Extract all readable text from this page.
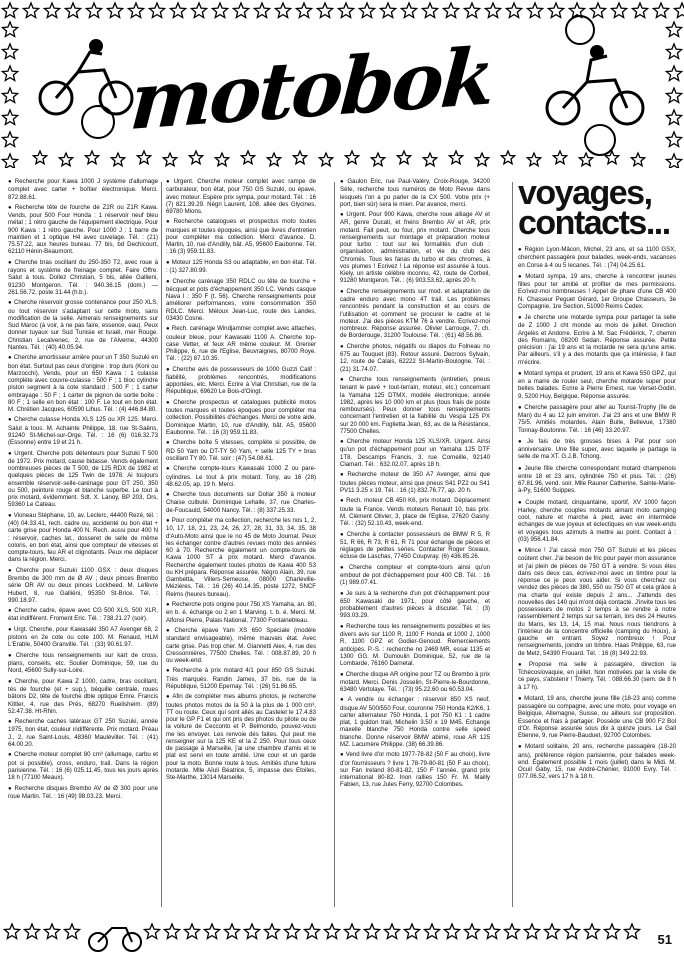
motobok

● Recherche pour Kawa 1000 J système d'allumage complet avec carter + boîtier électronique. Merci. 872.88.61.

● Recherche tête de fourche de Z2R ou Z1R Kawa. Vends, pour 500 Four Honda : 1 réservoir neuf bleu métal ; 1 rétro gauche de l'équipement électrique. Pour 900 Kawa : 1 rétro gauche. Pour 1000 J : 1 barre de maintien et 1 optique H4 avec cuvelage. Tél. : (21) 75.57.22, aux heures bureau. 77 bis, bd Dechicourt, 62110 Hénin-Beaumont.

● Cherche bras oscillant du 250-350 T2, avec roue à rayons et système de freinage complet. Faire Offre. Salut à tous. Dollez Christian, 5 bis, allée Gallieni, 91230 Montgeron. Tél. : 940.36.15 (dom.) — 261.56.72, poste 31.44 (h.b.).

● Cherche réservoir grosse contenance pour 250 XLS, ou tout réservoir s'adaptant sur cette moto, sans modification de la selle. Aimerais renseignements sur Sud Maroc (à voir, à ne pas faire, essence, eau). Peux donner tuyaux sur Sud Tunisie et Israël, mer Rouge. Christian Lecalvenec, 2, rue de l'Alverne, 44300 Nantes. Tél. : (40) 40.05.94.

● Cherche amortisseur arrière pour un T 350 Suzuki en bon état. Surtout pas ceux d'origine : trop durs (Koni ou Marzocchi). Vends, pour un 650 Kawa : 1 culasse complète avec couvre-culasse : 500 F ; 1 bloc cylindre piston segment à la cote standard : 500 F ; 1 carter embrayage : 50 F ; 1 carter de pignon de sortie boîte : 80 F ; 1 selle en bon état : 100 F. Le tout en bon état. M. Chrétien Jacques, 60590 Lihus. Tél. : (4) 446.84.80.

● Cherche culasse Honda XLS 125 ou XR 125. Merci. Salut à tous. M. Achainte Philippe, 18, rue St-Saëns, 91240 St-Michel-sur-Orge. Tél. : 16 (6) 016.32.73 (Essonne) entre 19 et 21 h.

● Urgent. Cherche pots détenteurs pour Suzuki T 500 de 1972. Prix motard, cause bidasse. Vends également nombreuses pièces de T 500, de 125 RDX de 1982 et quelques pièces de 125 Twin de 1978. Ai toujours ensemble réservoir-selle-carénage pour GT 250, 350 ou 500, peinture rouge et blanche superbe. Le tout à prix motard, évidemment. Sdt. X. Lanoy, BP 203, Ors, 59360 Le Cateau.

● Vioneau Stéphane, 10, av. Leclerc, 44400 Rezé, tél. : (40) 04.33.41, rech. cadre ou, accidenté ou bon état + carte grise pour Honda 400 N. Rech. aussi pour 400 N : réservoir, caches lat., dosseret de selle de même coloris, en bon état, ainsi que compteur de vitesses et compte-tours, feu AR et clignotants. Peux me déplacer dans la région. Merci.

● Cherche pour Suzuki 1100 GSX : deux disques Brembo de 300 mm de Ø AV ; deux pinces Brembo série OR AV ou deux pinces Lockheed. M. Lefèvre Hubert, 8, rue Galliéni, 95350 St-Brice. Tél. : 990.18.97.

● Cherche cadre, épave avec CG 500 XLS, 500 XLR, état indifférent. Froment Eric. Tél. : 738.21.27 (soir).

● Urgt. Cherche, pour Kawasaki 350 A7 Avenger 68, 2 pistons en 2e cote ou cote 100. M. Renaud, HLM L'Erable, 50400 Granville. Tél. : (33) 90.61.97.

● Cherche tous renseignements sur kart de cross, plans, conseils, etc. Soulier Dominique, 59, rue du Nord, 45600 Sully-sur-Loire.

● Cherche, pour Kawa Z 1000, cadre, bras oscillant, tés de fourche (et + sup.), béquille centrale, roues bâtons D2, tête de fourche dble optique Emre. Francis Kittler, 4, rue des Prés, 68270 Ruelisheim. (89) 52.47.38. Ht-Rhin.

● Recherche caches latéraux GT 250 Suzuki, année 1975, bon état, couleur indifférente. Prix motard. Préau J., 2, rue Saint-Louis, 48360 Mauléviller. Tél. : (41) 64.00.20.

● Cherche moteur complet 80 cm³ (allumage, carbu et pot si possible), cross, enduro, trail. Dans la région parisienne. Tél. : 16 (6) 025.11.45, tous les jours après 18 h (77100 Meaux).

● Recherche disques Brembo AV de Ø 300 pour une roue Martin. Tél. : 16 (49) 98.03.23. Merci.

● Urgent. Cherche moteur complet avec rampe de carburateur, bon état, pour 750 GS Suzuki, ou épave, avec moteur. Espère prix sympa, pour motard. Tél. : 16 (7) 821.39.29. Négri Laurent, 108, allée des Glycines, 69780 Mions.

● Recherche catalogues et prospectus moto toutes marques et toutes époques, ainsi que livres d'entretien pour compléter ma collection. Merci d'avance. D. Martin, 10, rue d'Andilly, bât. A5, 95600 Eaubonne. Tél. : 16 (3) 959.11.83.

● Moteur 125 Honda S3 ou adaptable, en bon état. Tél. : (1) 327.80.99.

● Cherche carénage 350 RDLC ou tête de fourche + bécquet et pots d'échappement 350 LC. Vends casque Nava I : 350 F (t. 56). Cherche renseignements pour améliorer performances, voire consommation 350 RDLC. Merci. Méloux Jean-Luc, route des Landes, 03430 Cosne.

● Rech. carénage Windjammer complet avec attaches, couleur bleue, pour Kawasaki 1100 A. Cherche top-case Vetter, et feux AR même couleur. M. Grenier Philippe, 6, rue de l'Eglise, Beuvraignes, 80700 Roye. Tél. : (22) 87.10.35.

● Cherche avis de possesseurs de 1000 Guzzi Calif : fiabilité, problèmes rencontrés, modifications apportées, etc. Merci. Ecrire à Vial Christian, rue de la République, 69620 Le Bois-d'Oingt.

● Cherche prospectus et catalogues publicité motos toutes marques et toutes époques pour compléter ma collection. Possibilités d'échanges. Merci de votre aide. Dominique Martin, 10, rue d'Andilly, bât. A5, 95600 Eaubonne. Tél. : 16 (3) 959.11.83.

● Cherche boîte 5 vitesses, complète si possible, de RD 50 Yam ou DT-TY 50 Yam, + selle 125 TY + bras oscillant TY 80. Tél. soir : (47) 54.08.61.

● Cherche compte-tours Kawasaki 1000 Z ou pare-cylindres. Le tout à prix motard. Tony, au 16 (28) 48.62.05, ap. 19 h. Merci.

● Cherche tous documents sur Dollar 350 à moteur Chaise culbuté. Dominique Lehalle, 37, rue Charles-de-Foucauld, 54000 Nancy. Tél. : (8) 337.25.33.

● Pour compléter ma collection, recherche les nos 1, 2, 10, 17, 18, 21, 23, 24, 26, 27, 28, 31, 33, 34, 35, 38 d'Auto-Moto ainsi que le no 45 de Moto Journal. Peux les échanger contre d'autres revues moto des années 60 à 70. Recherche également un compte-tours de Kawa 1000 ST à prix motard. Merci d'avance. Recherche également toutes photos de Kawa 400 S3 ou KH prépara. Réponse assurée. Négro Alain, 39, rue Gambetta, Villers-Semeuse, 08000 Charleville-Mézières. Tél. : 16 (26) 40.14.35, poste 1272, SNCF Reims (heures bureau).

● Recherche pots origine pour 75ti XS Yamaha, an. 80, en b. é. échange ou 2 en 1 Marving. t. b. é. Merci. M. Alfonsi Pierre, Palais National, 77300 Fontainebleau.

● Cherche épave Yam XS 650 Spéciale (modèle standard envisageable), même mauvais état. Avec carte grise. Pas trop cher. M. Giannetti Alex, 4, rue des Cressonnières, 77500 Chelles. Tél. : 008.87.89, 20 h ou week-end.

● Recherche à prix motard 4/1 pour 850 GS Suzuki. Très marqués. Randin James, 37 bis, rue de la République, 51200 Epernay. Tél. : (26) 51.86.65.

● Afin de compléter mes albums photos, je recherche toutes photos motos de la 50 à la plus de 1 000 cm³, TT ou route. Ceux qui sont allés au Castelet le 17.4.83 pour le GP F1 et qui ont pris des photos du pilote ou de la voiture de Cecconto et P. Belmondo, pouvez-vous me les envoyer. Les renvoie dès faites. Qui peut me renseigner sur la 125 KE et la Z 250. Pour tous ceux de passage à Marseille, j'ai une chambre d'amis et le plat est servi en toute amitié. Une cour et un garde pour la moto. Bonne route à tous. Amitiés d'une future motarde. Mlle Aïuli Béatrice, 5, impasse des Etoiles, Ste-Marthe, 13014 Marseille.

● Gaulon Eric, rue Paul-Valéry, Croix-Rouge, 34200 Sète, recherche tous numéros de Moto Revue dans lesquels l'on a pu parler de la CX 500. Votre prix (+ port, bien sûr) sera le mien. Par avance, merci.

● Urgent. Pour 900 Kawa, cherche roue alliage AV et AR, genre Ducati, et freins Brembo AV et AR, prix motard. Fait peut, ou four, prix motard. Cherche tous renseignements sur montage et préparation moteur pour turbo : tout sur les formalités d'un club : organisation, administration, et vie du club des Chromés. Tous les fanas du turbo et des chromes, à vos plumes ! Ecrivez ! La réponse est assurée à tous. Kiely, un artiste célèbre inconnu, 42, route de Corbeil, 91280 Montgeron. Tél. : (6) 903.53.62, après 20 h.

● Cherche renseignements sur mod. et adaptation de cadre enduro avec mono 4T trail. Les problèmes rencontrés pendant la construction et au cours de l'utilisation et comment se procurer le cadre et le moteur. J'ai des pièces KTM 76 à vendre. Ecrivez-moi nombreux. Réponse assurée. Olivier Larrouge, 7, ch. de Borderouge, 31200 Toulouse. Tél. : (61) 48.56.86.

● Cherche photos, négatifs ou diapos du Folneau no 675 au Touquet (83). Retour assuré. Decroos Sylvain, 12, route de Calais, 62222 St-Martin-Boulogne. Tél. : (21) 31.74.07.

● Cherche tous renseignements (entretien, pneus tenant le pavé + tout-terrain, moteur, etc.) concernant la Yamaha 125 DTMX, modèle électronique, année 1982, après les 10 000 km et plus (tous frais de poste remboursés). Peux donner tous renseignements concernant l'entretien et la fiabilité du Vespa 125 PX sur 20 000 km. Foglietta Jean, 63, av. de la Résistance, 77500 Chelles.

● Cherche moteur Honda 125 XLS/XR. Urgent. Ainsi qu'un pot d'échappement pour un Yamaha 125 DTF 1T8. Descamps Francis, 3, rue Corneille, 92140 Clamart. Tél. : 632.02.07, après 18 h.

● Recherche moteur de 350 A7 Avenger, ainsi que toutes pièces moteur, ainsi que pneus S41 PZ2 ou S41 PV11 3.25 x 19. Tél. : 16 (1) 832.76.77, ap. 20 h.

● Rech. moteur CB 450 K6, prix motard. Déplacement toute la France. Vends moteurs Renault 10, bas prix. M. Clément Olivier, 3, place de l'Eglise, 27620 Gasny. Tél. : (32) 52.10.43, week-end.

● Cherche à contacter possesseurs de BMW R 5, R 51, R 66, R 73, R 61, R 71 pour échange de pièces et réglages de petites séries. Contacter Roger Sceaux, écluse de Laschas, 77450 Coupvray. (6) 436.85.26.

● Cherche compteur et compte-tours ainsi qu'un embout de pot d'échappement pour 400 CB. Tél. : 16 (1) 989.07.41.

● Je suis à la recherche d'un pot d'échappement pour 650 Kawasaki de 1971, pour côté gauche, et probablement d'autres pièces à discuter. Tél. : (3) 993.03.29.

● Recherche tous les renseignements possibles et les divers avis sur 1100 R, 1100 F Honda et 1000 J, 1000 R, 1100 GPZ et Godier-Genoud. Remerciements anticipés. P.-S. : recherche no 2469 MR, essai 1135 et 1300 GG. M. Dumoulin Dominique, 52, rue de la Lombarde, 76160 Darnetal.

● Cherche disque AR origine pour TZ ou Brembo à prix motard. Merci. Denis Josselin, St-Pierre-le-Bourdonne, 63480 Vertolaye. Tél. : (73) 95.22.60 ou 60.53.04.

● A vendre ou échanger : réservoir 850 XS neuf, disque AV 500/550 Four, couronne 750 Honda K2/K6, 1 carter alternateur 750 Honda, 1 pot 750 K1 : 1 cadre plat, 1 guidon trail, Michelin 3.50 x 19 M45. Echange maxelle blanche 750 Honda contre selle speed blanche. Donne réservoir BMW abimé, roue AR 125 MZ. Lacumère Philippe. (38) 66.39.86.

● Vend livre d'or moto 1977-78-82 (50 F au choix), livre d'or fournisseurs ? livre 1 78-79-80-81 (50 F au choix), sur Fan Ireland 80-81-82, 150 F l'année, grand prix international 80-82. Inon rallies 150 Fr. M. Mailly Fabien, 13, rue Jules Ferry, 92700 Colombes.

voyages, contacts...

● Région Lyon-Mâcon, Michel, 23 ans, et sa 1100 GSX, cherchent passagère pour balades, week-ends, vacances en Corse à 4 ou 5 lecanes. Tél. : (74) 04.25.61.

● Motard sympa, 19 ans, cherche à rencontrer jeunes filles pour ter amitié et profiter de mes permissions. Ecrivez-moi nombreuses ! Appel de phare d'une CB 400 N. Chasseur Peguet Gérard, 1er Groupe Chasseurs, 3e Compagnie, 1re Section, 51090 Reims Cedex.

● Je cherche une motarde sympa pour partager la selle de Z 1000 J cht monde au mois de juillet. Direction Argelès et Andorre. Ecrire à M. Sac Frédérick, 7, chemin des Romains, 08200 Sedan. Réponse assurée. Petite précision : j'ai 19 ans et la motarde ne sera qu'une amie. Par ailleurs, s'il y a des motards que ça intéresse, il faut m'écrire.

● Motard sympa et prudent, 19 ans et Kawa 550 GPZ, qui en a marre de rouler seul, cherche motarde super pour belles balades. Ecrire à Pierre Ernest, rue Verset-Godin, 9, 5200 Huy, Belgique. Réponse assurée.

● Cherche passagère pour aller au Tourist-Trophy (île de Man) du 4 au 12 juin environ. J'ai 23 ans et une BMW R 75/5. Amitiés motardes. Alain Bulle, Bellevue, 17380 Tonnay-Boutonne. Tél. : 16 (46) 33.20.97.

● Je fais de très grosses bises à Pat pour son anniversaire. Une fille super, avec laquelle je partage la selle de ma XT. G.J.B. Tchong.

● Jeune fille cherche correspondant motard champenois entre 18 et 23 ans, cylindrée 750 et plus. Tél. : (26) 67.81.96, vend. soir. Mlle Rauner Catherine, Sainte-Marie-à-Py, 51600 Suippes.

● Couple motard, cinquantaine, sportif, XV 1000 façon Harley, cherche couples motards aimant moto camping cool, nature et marche à pied, avec en intermède échanges de vue joyeux et éclectiques en vue week-ends et voyages tous azimuts à mettre au point. Contact à : (03) 956.41.84.

● Mince ! J'ai cassé mon 750 GT Suzuki et les pièces coûtent cher. J'ai besoin de fric pour payer mon assurance et j'ai plein de pièces de 750 GT à vendre. Si vous êtes dans ces deux cas, écrivez-moi avec un timbre pour la réponse ce je peux vous aider. Si vous cherchez ou vendez des pièces de 380, 550 ou 750 GT et cela grâce à ma charte qui existe depuis 2 ans... J'attends des nouvelles des 140 qui m'ont déjà contacté. J'invite tous les possesseurs de motos 2 temps à se rendre à notre rassemblement 2 temps sur sa terrain, lors des 24 Heures du Mans, les 13, 14, 15 mai. Nous nous tiendrons à l'intérieur de la concentre officielle (camping du Houx), à gauche en entrant. Soyez nombreux ! Pour renseignements, joindre un timbre. Haas Philippe, 63, rue de Metz, 54390 Frouard. Tél. : 16 (8) 349.22.93.

● Propose ma selle à passagère, direction la Tchécoslovaquie, en juillet. Non motivées par la visite de ce pays, s'abstenir ! Thierry. Tél. : 088.66.30 (sem. de 8 h à 17 h).

● Motard, 19 ans, cherche jeune fille (18-23 ans) comme passagère ou compagne, avec une moto, pour voyage en Belgique, Allemagne, Suisse, ou ailleurs sur proposition. Essence et frais à partager. Possède une CB 900 F2 Bol d'Or. Réponse assurée sous dix à quinze jours. Le Gall Etienne, 9, rue Pierre-Bauduet, 92700 Colombes.

● Motard solitaire, 20 ans, recherche passagère (18-20 ans), préférence région parisienne, pour balades week-end. Également possible 1 mois (juillet) dans le Midi. M. Ocuil Gaby, 15, rue André-Chénier, 91000 Evry. Tél. : 077.06.52, vers 17 h à 18 h.

51
